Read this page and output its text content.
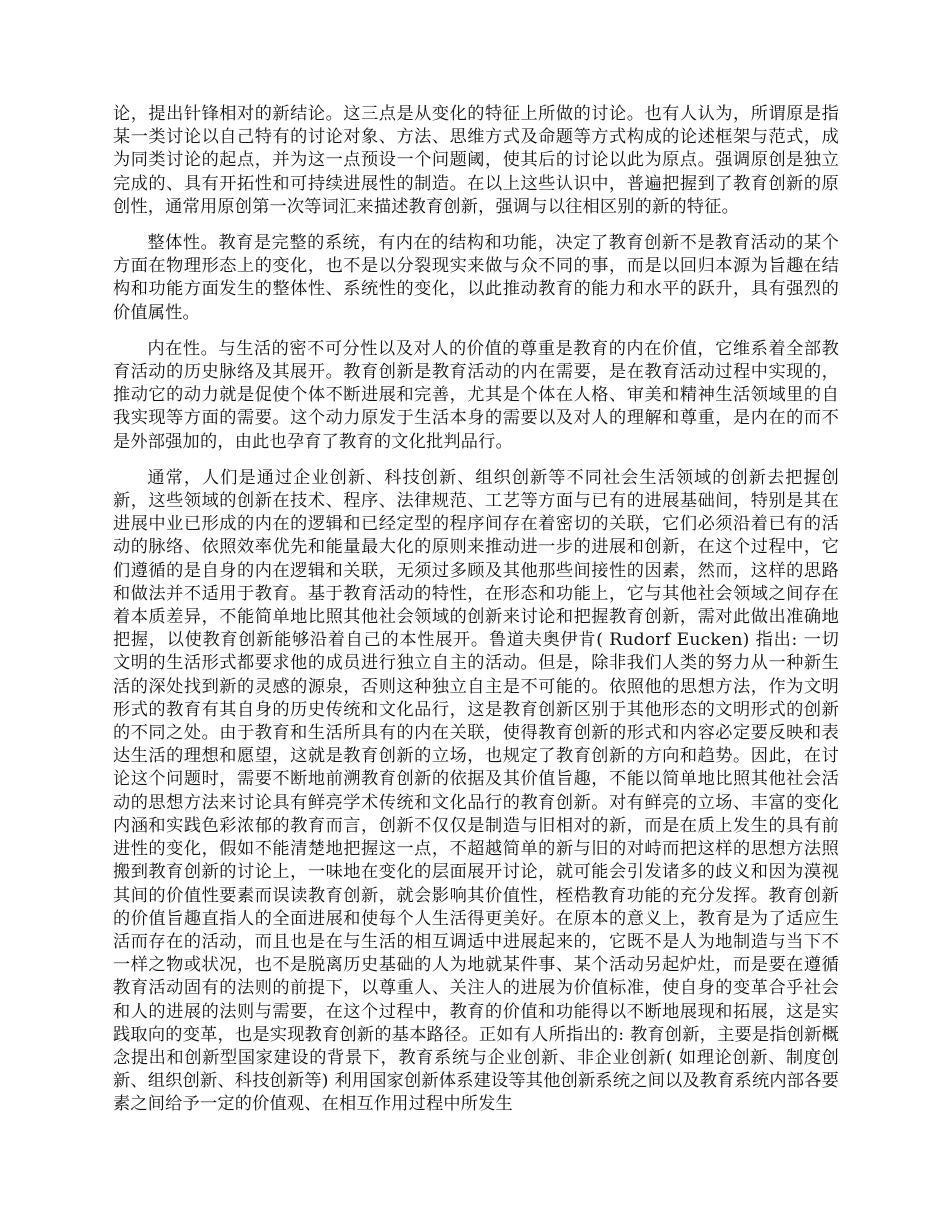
论，提出针锋相对的新结论。这三点是从变化的特征上所做的讨论。也有人认为，所谓原是指某一类讨论以自己特有的讨论对象、方法、思维方式及命题等方式构成的论述框架与范式，成为同类讨论的起点，并为这一点预设一个问题阈，使其后的讨论以此为原点。强调原创是独立完成的、具有开拓性和可持续进展性的制造。在以上这些认识中，普遍把握到了教育创新的原创性，通常用原创第一次等词汇来描述教育创新，强调与以往相区别的新的特征。

整体性。教育是完整的系统，有内在的结构和功能，决定了教育创新不是教育活动的某个方面在物理形态上的变化，也不是以分裂现实来做与众不同的事，而是以回归本源为旨趣在结构和功能方面发生的整体性、系统性的变化，以此推动教育的能力和水平的跃升，具有强烈的价值属性。

内在性。与生活的密不可分性以及对人的价值的尊重是教育的内在价值，它维系着全部教育活动的历史脉络及其展开。教育创新是教育活动的内在需要，是在教育活动过程中实现的，推动它的动力就是促使个体不断进展和完善，尤其是个体在人格、审美和精神生活领域里的自我实现等方面的需要。这个动力原发于生活本身的需要以及对人的理解和尊重，是内在的而不是外部强加的，由此也孕育了教育的文化批判品行。

通常，人们是通过企业创新、科技创新、组织创新等不同社会生活领域的创新去把握创新，这些领域的创新在技术、程序、法律规范、工艺等方面与已有的进展基础间，特别是其在进展中业已形成的内在的逻辑和已经定型的程序间存在着密切的关联，它们必须沿着已有的活动的脉络、依照效率优先和能量最大化的原则来推动进一步的进展和创新，在这个过程中，它们遵循的是自身的内在逻辑和关联，无须过多顾及其他那些间接性的因素，然而，这样的思路和做法并不适用于教育。基于教育活动的特性，在形态和功能上，它与其他社会领域之间存在着本质差异，不能简单地比照其他社会领域的创新来讨论和把握教育创新，需对此做出准确地把握，以使教育创新能够沿着自己的本性展开。鲁道夫奥伊肯( Rudorf Eucken) 指出: 一切文明的生活形式都要求他的成员进行独立自主的活动。但是，除非我们人类的努力从一种新生活的深处找到新的灵感的源泉，否则这种独立自主是不可能的。依照他的思想方法，作为文明形式的教育有其自身的历史传统和文化品行，这是教育创新区别于其他形态的文明形式的创新的不同之处。由于教育和生活所具有的内在关联，使得教育创新的形式和内容必定要反映和表达生活的理想和愿望，这就是教育创新的立场，也规定了教育创新的方向和趋势。因此，在讨论这个问题时，需要不断地前溯教育创新的依据及其价值旨趣，不能以简单地比照其他社会活动的思想方法来讨论具有鲜亮学术传统和文化品行的教育创新。对有鲜亮的立场、丰富的变化内涵和实践色彩浓郁的教育而言，创新不仅仅是制造与旧相对的新，而是在质上发生的具有前进性的变化，假如不能清楚地把握这一点，不超越简单的新与旧的对峙而把这样的思想方法照搬到教育创新的讨论上，一味地在变化的层面展开讨论，就可能会引发诸多的歧义和因为漠视其间的价值性要素而误读教育创新，就会影响其价值性，桎梏教育功能的充分发挥。教育创新的价值旨趣直指人的全面进展和使每个人生活得更美好。在原本的意义上，教育是为了适应生活而存在的活动，而且也是在与生活的相互调适中进展起来的，它既不是人为地制造与当下不一样之物或状况，也不是脱离历史基础的人为地就某件事、某个活动另起炉灶，而是要在遵循教育活动固有的法则的前提下，以尊重人、关注人的进展为价值标准，使自身的变革合乎社会和人的进展的法则与需要，在这个过程中，教育的价值和功能得以不断地展现和拓展，这是实践取向的变革，也是实现教育创新的基本路径。正如有人所指出的: 教育创新，主要是指创新概念提出和创新型国家建设的背景下，教育系统与企业创新、非企业创新( 如理论创新、制度创新、组织创新、科技创新等) 利用国家创新体系建设等其他创新系统之间以及教育系统内部各要素之间给予一定的价值观、在相互作用过程中所发生
